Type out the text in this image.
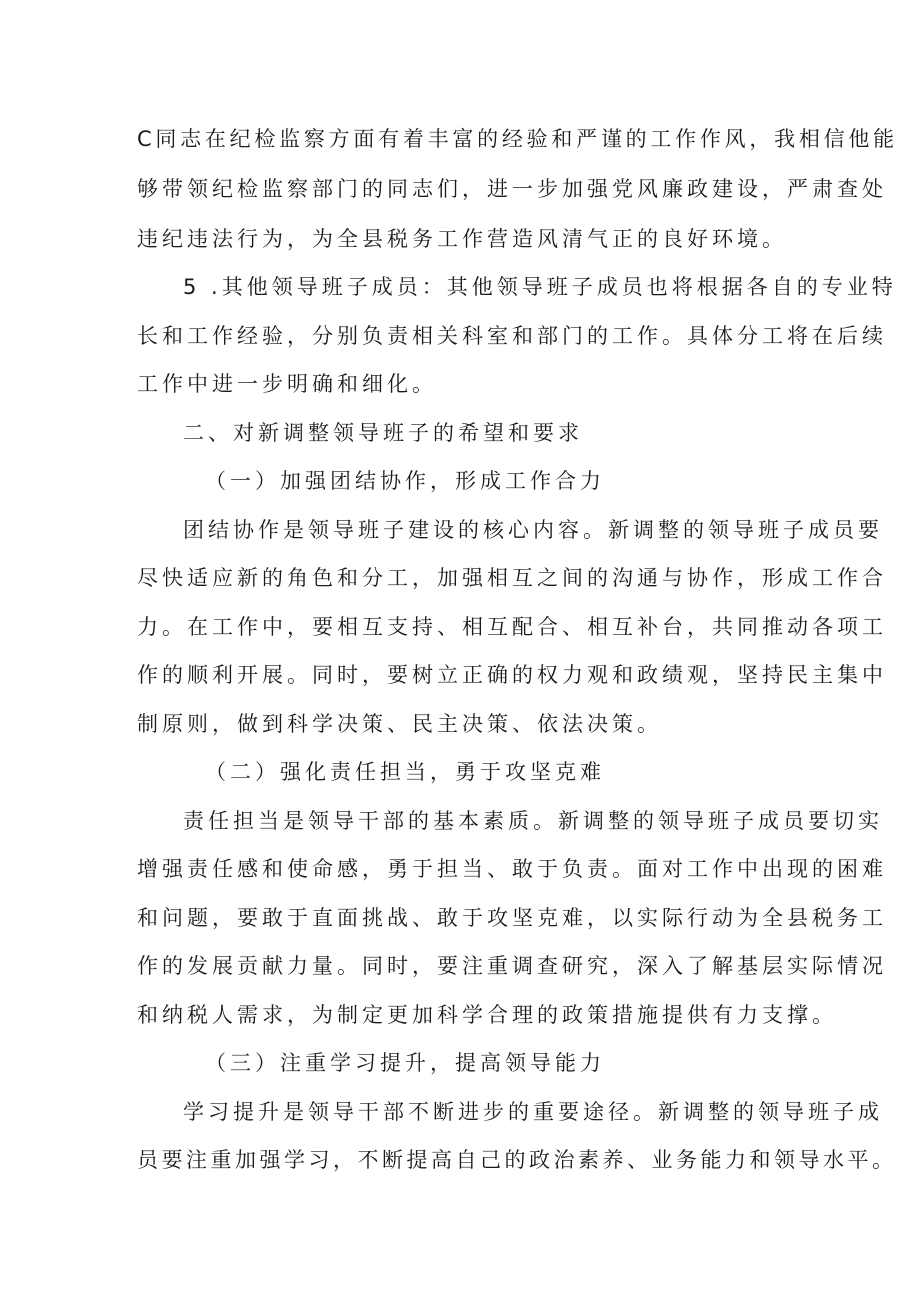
C同志在纪检监察方面有着丰富的经验和严谨的工作作风，我相信他能
够带领纪检监察部门的同志们，进一步加强党风廉政建设，严肃查处
违纪违法行为，为全县税务工作营造风清气正的良好环境。
5 .其他领导班子成员：其他领导班子成员也将根据各自的专业特
长和工作经验，分别负责相关科室和部门的工作。具体分工将在后续
工作中进一步明确和细化。
二、对新调整领导班子的希望和要求
（一）加强团结协作，形成工作合力
团结协作是领导班子建设的核心内容。新调整的领导班子成员要
尽快适应新的角色和分工，加强相互之间的沟通与协作，形成工作合
力。在工作中，要相互支持、相互配合、相互补台，共同推动各项工
作的顺利开展。同时，要树立正确的权力观和政绩观，坚持民主集中
制原则，做到科学决策、民主决策、依法决策。
（二）强化责任担当，勇于攻坚克难
责任担当是领导干部的基本素质。新调整的领导班子成员要切实
增强责任感和使命感，勇于担当、敢于负责。面对工作中出现的困难
和问题，要敢于直面挑战、敢于攻坚克难，以实际行动为全县税务工
作的发展贡献力量。同时，要注重调查研究，深入了解基层实际情况
和纳税人需求，为制定更加科学合理的政策措施提供有力支撑。
（三）注重学习提升，提高领导能力
学习提升是领导干部不断进步的重要途径。新调整的领导班子成
员要注重加强学习，不断提高自己的政治素养、业务能力和领导水平。
